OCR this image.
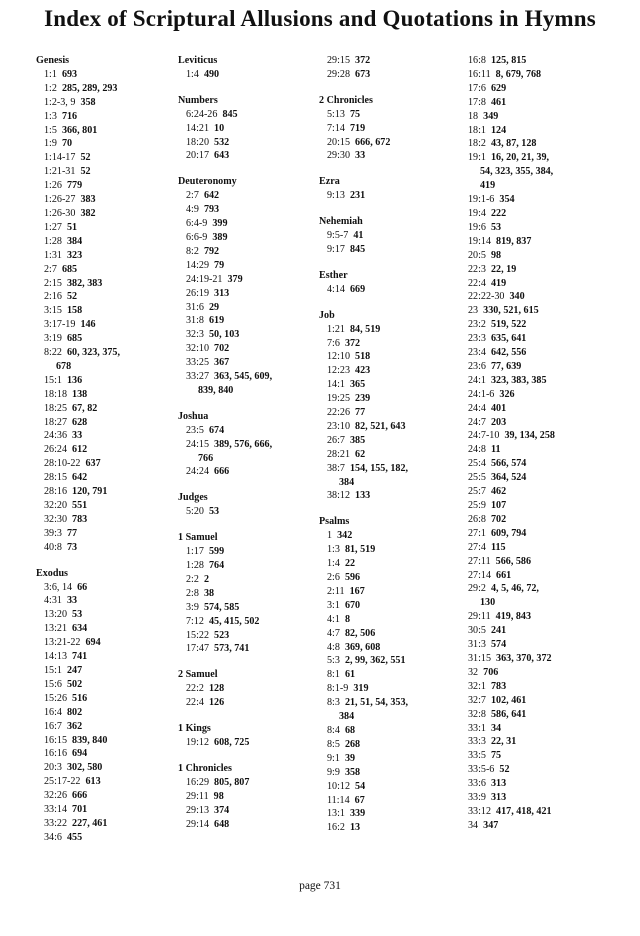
Index of Scriptural Allusions and Quotations in Hymns
Genesis
1:1 693
1:2 285, 289, 293
1:2-3, 9 358
1:3 716
1:5 366, 801
1:9 70
1:14-17 52
1:21-31 52
1:26 779
1:26-27 383
1:26-30 382
1:27 51
1:28 384
1:31 323
2:7 685
2:15 382, 383
2:16 52
3:15 158
3:17-19 146
3:19 685
8:22 60, 323, 375,
678
15:1 136
18:18 138
18:25 67, 82
18:27 628
24:36 33
26:24 612
28:10-22 637
28:15 642
28:16 120, 791
32:20 551
32:30 783
39:3 77
40:8 73
Exodus
3:6, 14 66
4:31 33
13:20 53
13:21 634
13:21-22 694
14:13 741
15:1 247
15:6 502
15:26 516
16:4 802
16:7 362
16:15 839, 840
16:16 694
20:3 302, 580
25:17-22 613
32:26 666
33:14 701
33:22 227, 461
34:6 455
Leviticus
1:4 490
Numbers
6:24-26 845
14:21 10
18:20 532
20:17 643
Deuteronomy
2:7 642
4:9 793
6:4-9 399
6:6-9 389
8:2 792
14:29 79
24:19-21 379
26:19 313
31:6 29
31:8 619
32:3 50, 103
32:10 702
33:25 367
33:27 363, 545, 609,
839, 840
Joshua
23:5 674
24:15 389, 576, 666,
766
24:24 666
Judges
5:20 53
1 Samuel
1:17 599
1:28 764
2:2 2
2:8 38
3:9 574, 585
7:12 45, 415, 502
15:22 523
17:47 573, 741
2 Samuel
22:2 128
22:4 126
1 Kings
19:12 608, 725
1 Chronicles
16:29 805, 807
29:11 98
29:13 374
29:14 648
29:15 372
29:28 673
2 Chronicles
5:13 75
7:14 719
20:15 666, 672
29:30 33
Ezra
9:13 231
Nehemiah
9:5-7 41
9:17 845
Esther
4:14 669
Job
1:21 84, 519
7:6 372
12:10 518
12:23 423
14:1 365
19:25 239
22:26 77
23:10 82, 521, 643
26:7 385
28:21 62
38:7 154, 155, 182,
384
38:12 133
Psalms
1 342
1:3 81, 519
1:4 22
2:6 596
2:11 167
3:1 670
4:1 8
4:7 82, 506
4:8 369, 608
5:3 2, 99, 362, 551
8:1 61
8:1-9 319
8:3 21, 51, 54, 353,
384
8:4 68
8:5 268
9:1 39
9:9 358
10:12 54
11:14 67
13:1 339
16:2 13
16:8 125, 815
16:11 8, 679, 768
17:6 629
17:8 461
18 349
18:1 124
18:2 43, 87, 128
19:1 16, 20, 21, 39,
54, 323, 355, 384,
419
19:1-6 354
19:4 222
19:6 53
19:14 819, 837
20:5 98
22:3 22, 19
22:4 419
22:22-30 340
23 330, 521, 615
23:2 519, 522
23:3 635, 641
23:4 642, 556
23:6 77, 639
24:1 323, 383, 385
24:1-6 326
24:4 401
24:7 203
24:7-10 39, 134, 258
24:8 11
25:4 566, 574
25:5 364, 524
25:7 462
25:9 107
26:8 702
27:1 609, 794
27:4 115
27:11 566, 586
27:14 661
29:2 4, 5, 46, 72,
130
29:11 419, 843
30:5 241
31:3 574
31:15 363, 370, 372
32 706
32:1 783
32:7 102, 461
32:8 586, 641
33:1 34
33:3 22, 31
33:5 75
33:5-6 52
33:6 313
33:9 313
33:12 417, 418, 421
34 347
page 731
